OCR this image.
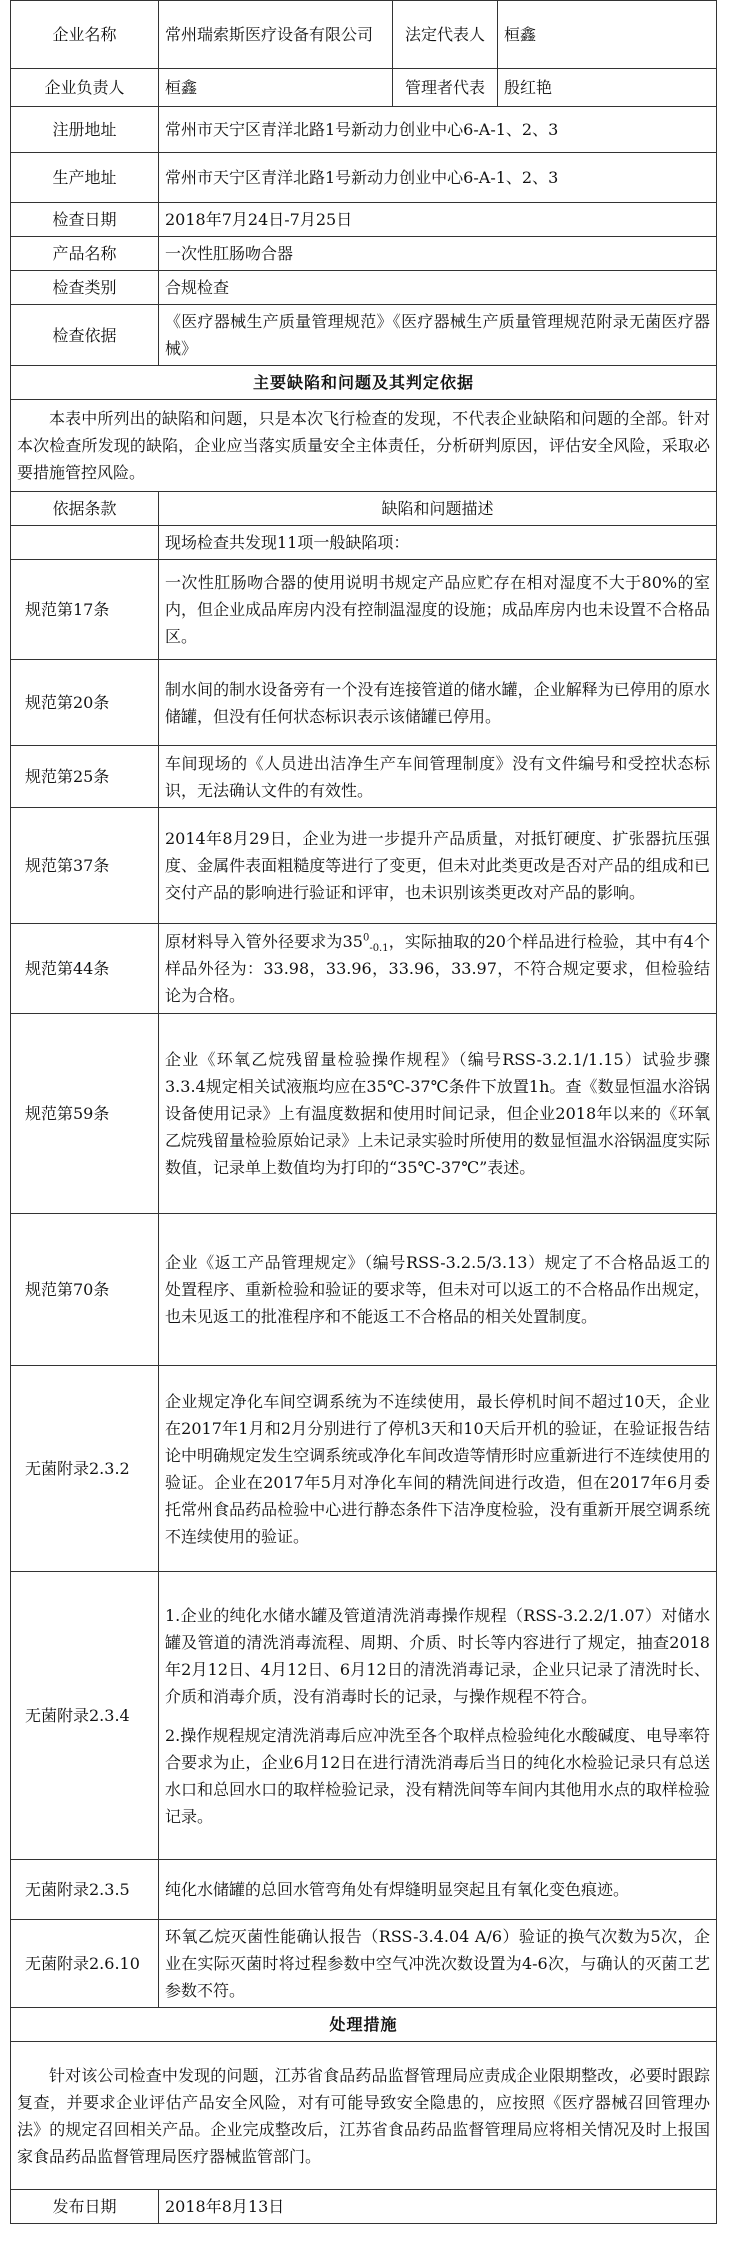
企业名称	常州瑞索斯医疗设备有限公司	法定代表人	桓鑫
企业负责人	桓鑫	管理者代表	殷红艳
注册地址	常州市天宁区青洋北路1号新动力创业中心6-A-1、2、3		
生产地址	常州市天宁区青洋北路1号新动力创业中心6-A-1、2、3		
检查日期	2018年7月24日-7月25日		
产品名称	一次性肛肠吻合器		
检查类别	合规检查		
检查依据	《医疗器械生产质量管理规范》《医疗器械生产质量管理规范附录无菌医疗器械》		
主要缺陷和问题及其判定依据			
本表中所列出的缺陷和问题，只是本次飞行检查的发现，不代表企业缺陷和问题的全部。针对本次检查所发现的缺陷，企业应当落实质量安全主体责任，分析研判原因，评估安全风险，采取必要措施管控风险。			
依据条款	缺陷和问题描述		
	现场检查共发现11项一般缺陷项：		
规范第17条	一次性肛肠吻合器的使用说明书规定产品应贮存在相对湿度不大于80%的室内，但企业成品库房内没有控制温湿度的设施；成品库房内也未设置不合格品区。		
规范第20条	制水间的制水设备旁有一个没有连接管道的储水罐，企业解释为已停用的原水储罐，但没有任何状态标识表示该储罐已停用。		
规范第25条	车间现场的《人员进出洁净生产车间管理制度》没有文件编号和受控状态标识，无法确认文件的有效性。		
规范第37条	2014年8月29日，企业为进一步提升产品质量，对抵钉硬度、扩张器抗压强度、金属件表面粗糙度等进行了变更，但未对此类更改是否对产品的组成和已交付产品的影响进行验证和评审，也未识别该类更改对产品的影响。		
规范第44条	原材料导入管外径要求为$35^0_{-0.1}$，实际抽取的20个样品进行检验，其中有4个样品外径为：33.98，33.96，33.96，33.97，不符合规定要求，但检验结论为合格。		
规范第59条	企业《环氧乙烷残留量检验操作规程》（编号RSS-3.2.1/1.15）试验步骤3.3.4规定相关试液瓶均应在35℃-37℃条件下放置1h。查《数显恒温水浴锅设备使用记录》上有温度数据和使用时间记录，但企业2018年以来的《环氧乙烷残留量检验原始记录》上未记录实验时所使用的数显恒温水浴锅温度实际数值，记录单上数值均为打印的“35℃-37℃”表述。		
规范第70条	企业《返工产品管理规定》（编号RSS-3.2.5/3.13）规定了不合格品返工的处置程序、重新检验和验证的要求等，但未对可以返工的不合格品作出规定，也未见返工的批准程序和不能返工不合格品的相关处置制度。		
无菌附录2.3.2	企业规定净化车间空调系统为不连续使用，最长停机时间不超过10天，企业在2017年1月和2月分别进行了停机3天和10天后开机的验证，在验证报告结论中明确规定发生空调系统或净化车间改造等情形时应重新进行不连续使用的验证。企业在2017年5月对净化车间的精洗间进行改造，但在2017年6月委托常州食品药品检验中心进行静态条件下洁净度检验，没有重新开展空调系统不连续使用的验证。		
无菌附录2.3.4	1.企业的纯化水储水罐及管道清洗消毒操作规程（RSS-3.2.2/1.07）对储水罐及管道的清洗消毒流程、周期、介质、时长等内容进行了规定，抽查2018年2月12日、4月12日、6月12日的清洗消毒记录，企业只记录了清洗时长、介质和消毒介质，没有消毒时长的记录，与操作规程不符合。
2.操作规程规定清洗消毒后应冲洗至各个取样点检验纯化水酸碱度、电导率符合要求为止，企业6月12日在进行清洗消毒后当日的纯化水检验记录只有总送水口和总回水口的取样检验记录，没有精洗间等车间内其他用水点的取样检验记录。		

无菌附录2.3.5	纯化水储罐的总回水管弯角处有焊缝明显突起且有氧化变色痕迹。		
无菌附录2.6.10	环氧乙烷灭菌性能确认报告（RSS-3.4.04 A/6）验证的换气次数为5次，企业在实际灭菌时将过程参数中空气冲洗次数设置为4-6次，与确认的灭菌工艺参数不符。		
处理措施			
针对该公司检查中发现的问题，江苏省食品药品监督管理局应责成企业限期整改，必要时跟踪复查，并要求企业评估产品安全风险，对有可能导致安全隐患的，应按照《医疗器械召回管理办法》的规定召回相关产品。企业完成整改后，江苏省食品药品监督管理局应将相关情况及时上报国家食品药品监督管理局医疗器械监管部门。			
发布日期	2018年8月13日		
